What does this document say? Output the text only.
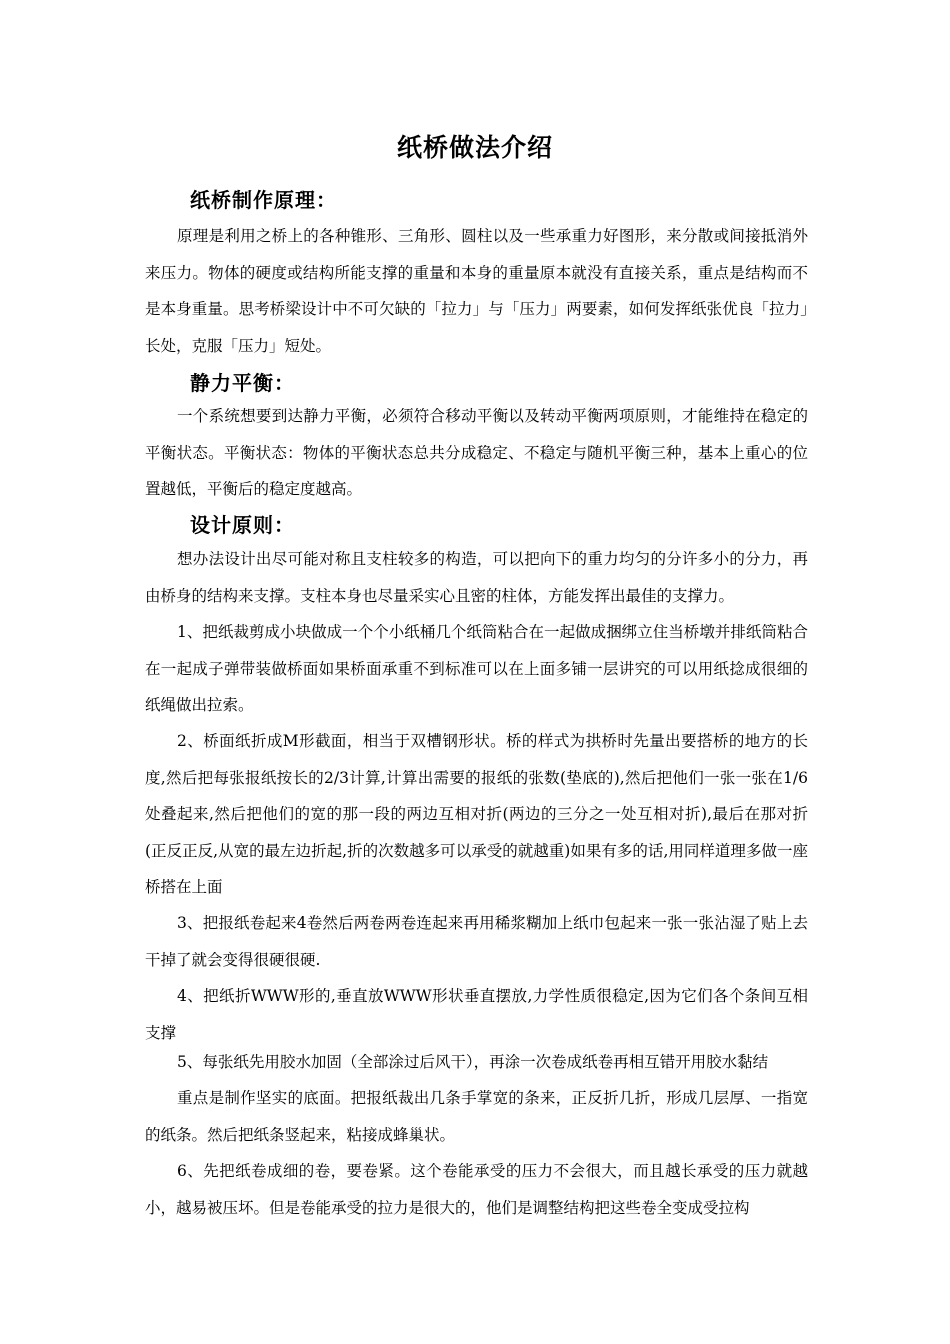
纸桥做法介绍
纸桥制作原理：

原理是利用之桥上的各种锥形、三角形、圆柱以及一些承重力好图形，来分散或间接抵消外来压力。物体的硬度或结构所能支撑的重量和本身的重量原本就没有直接关系，重点是结构而不是本身重量。思考桥梁设计中不可欠缺的「拉力」与「压力」两要素，如何发挥纸张优良「拉力」长处，克服「压力」短处。

静力平衡：

一个系统想要到达静力平衡，必须符合移动平衡以及转动平衡两项原则，才能维持在稳定的平衡状态。平衡状态：物体的平衡状态总共分成稳定、不稳定与随机平衡三种，基本上重心的位置越低，平衡后的稳定度越高。

设计原则：

想办法设计出尽可能对称且支柱较多的构造，可以把向下的重力均匀的分许多小的分力，再由桥身的结构来支撑。支柱本身也尽量采实心且密的柱体，方能发挥出最佳的支撑力。

1、把纸裁剪成小块做成一个个小纸桶几个纸筒粘合在一起做成捆绑立住当桥墩并排纸筒粘合在一起成子弹带装做桥面如果桥面承重不到标准可以在上面多铺一层讲究的可以用纸捻成很细的纸绳做出拉索。

2、桥面纸折成M形截面，相当于双槽钢形状。桥的样式为拱桥时先量出要搭桥的地方的长度,然后把每张报纸按长的2/3计算,计算出需要的报纸的张数(垫底的),然后把他们一张一张在1/6处叠起来,然后把他们的宽的那一段的两边互相对折(两边的三分之一处互相对折),最后在那对折(正反正反,从宽的最左边折起,折的次数越多可以承受的就越重)如果有多的话,用同样道理多做一座桥搭在上面

3、把报纸卷起来4卷然后两卷两卷连起来再用稀浆糊加上纸巾包起来一张一张沾湿了贴上去干掉了就会变得很硬很硬.

4、把纸折WWW形的,垂直放WWW形状垂直摆放,力学性质很稳定,因为它们各个条间互相支撑

5、每张纸先用胶水加固（全部涂过后风干），再涂一次卷成纸卷再相互错开用胶水黏结

重点是制作坚实的底面。把报纸裁出几条手掌宽的条来，正反折几折，形成几层厚、一指宽的纸条。然后把纸条竖起来，粘接成蜂巢状。

6、先把纸卷成细的卷，要卷紧。这个卷能承受的压力不会很大，而且越长承受的压力就越小，越易被压坏。但是卷能承受的拉力是很大的，他们是调整结构把这些卷全变成受拉构
